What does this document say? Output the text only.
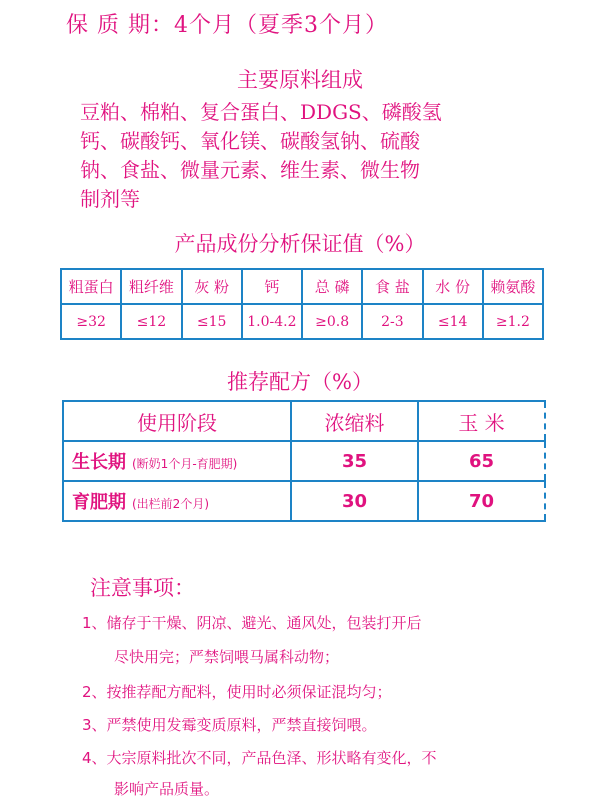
保 质 期：4个月（夏季3个月）
主要原料组成
豆粕、棉粕、复合蛋白、DDGS、磷酸氢
钙、碳酸钙、氧化镁、碳酸氢钠、硫酸
钠、食盐、微量元素、维生素、微生物
制剂等
产品成份分析保证值（%）
粗蛋白	粗纤维	灰 粉	钙	总 磷	食 盐	水 份	赖氨酸
≥32	≤12	≤15	1.0-4.2	≥0.8	2-3	≤14	≥1.2
推荐配方（%）
使用阶段	浓缩料	玉 米
生长期 (断奶1个月-育肥期)	35	65
育肥期 (出栏前2个月)	30	70
注意事项：
1、储存于干燥、阴凉、避光、通风处，包装打开后
尽快用完；严禁饲喂马属科动物；
2、按推荐配方配料，使用时必须保证混均匀；
3、严禁使用发霉变质原料，严禁直接饲喂。
4、大宗原料批次不同，产品色泽、形状略有变化，不
影响产品质量。
